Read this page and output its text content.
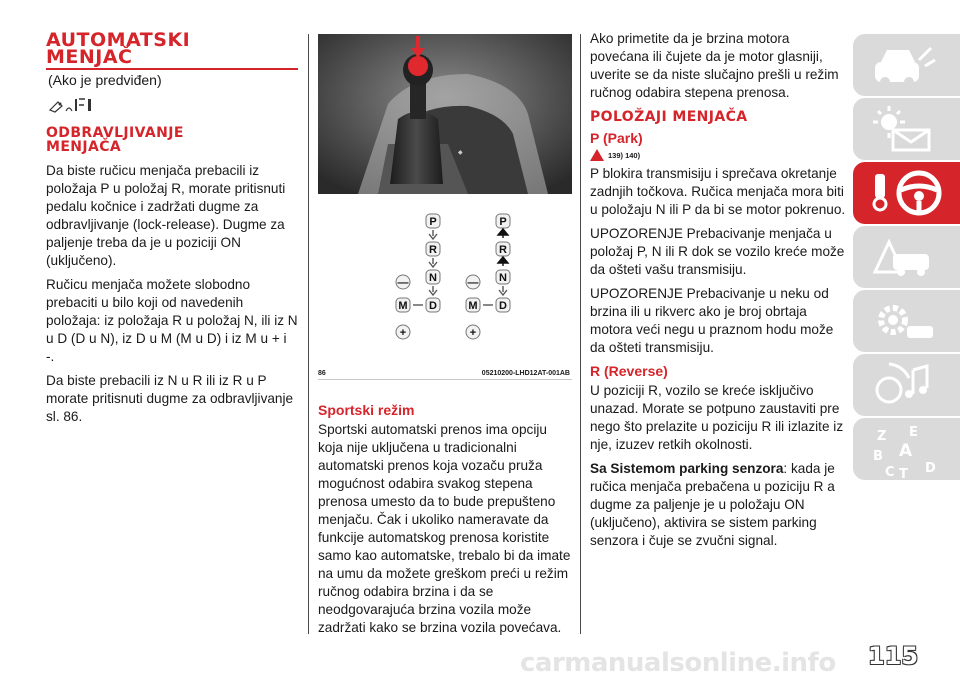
AUTOMATSKI
MENJAČ
(Ako je predviđen)
ODBRAVLJIVANJE
MENJAČA

Da biste ručicu menjača prebacili iz položaja P u položaj R, morate pritisnuti pedalu kočnice i zadržati dugme za odbravljivanje (lock-release). Dugme za paljenje treba da je u poziciji ON (uključeno).

Ručicu menjača možete slobodno prebaciti u bilo koji od navedenih položaja: iz položaja R u položaj N, ili iz N u D (D u N), iz D u M (M u D) i iz M u + i -.

Da biste prebacili iz N u R ili iz R u P morate pritisnuti dugme za odbravljivanje sl. 86.

◆
P
R
N
D
M
—
+
P
R
N
D
M
—
+
86	05210200-LHD12AT-001AB
Sportski režim

Sportski automatski prenos ima opciju koja nije uključena u tradicionalni automatski prenos koja vozaču pruža mogućnost odabira svakog stepena prenosa umesto da to bude prepušteno menjaču. Čak i ukoliko nameravate da funkcije automatskog prenosa koristite samo kao automatske, trebalo bi da imate na umu da možete greškom preći u režim ručnog odabira brzina i da se neodgovarajuća brzina vozila može zadržati kako se brzina vozila povećava.

Ako primetite da je brzina motora povećana ili čujete da je motor glasniji, uverite se da niste slučajno prešli u režim ručnog odabira stepena prenosa.

POLOŽAJI MENJAČA
P (Park)
139) 140)

P blokira transmisiju i sprečava okretanje zadnjih točkova. Ručica menjača mora biti u položaju N ili P da bi se motor pokrenuo.

UPOZORENJE Prebacivanje menjača u položaj P, N ili R dok se vozilo kreće može da ošteti vašu transmisiju.

UPOZORENJE Prebacivanje u neku od brzina ili u rikverc ako je broj obrtaja motora veći negu u praznom hodu može da ošteti transmisiju.

R (Reverse)

U poziciji R, vozilo se kreće isključivo unazad. Morate se potpuno zaustaviti pre nego što prelazite u poziciju R ili izlazite iz nje, izuzev retkih okolnosti.

Sa Sistemom parking senzora: kada je ručica menjača prebačena u poziciju R a dugme za paljenje je u položaju ON (uključeno), aktivira se sistem parking senzora i čuje se zvučni signal.

Z E
A
B
C T D
carmanualsonline.info 115
